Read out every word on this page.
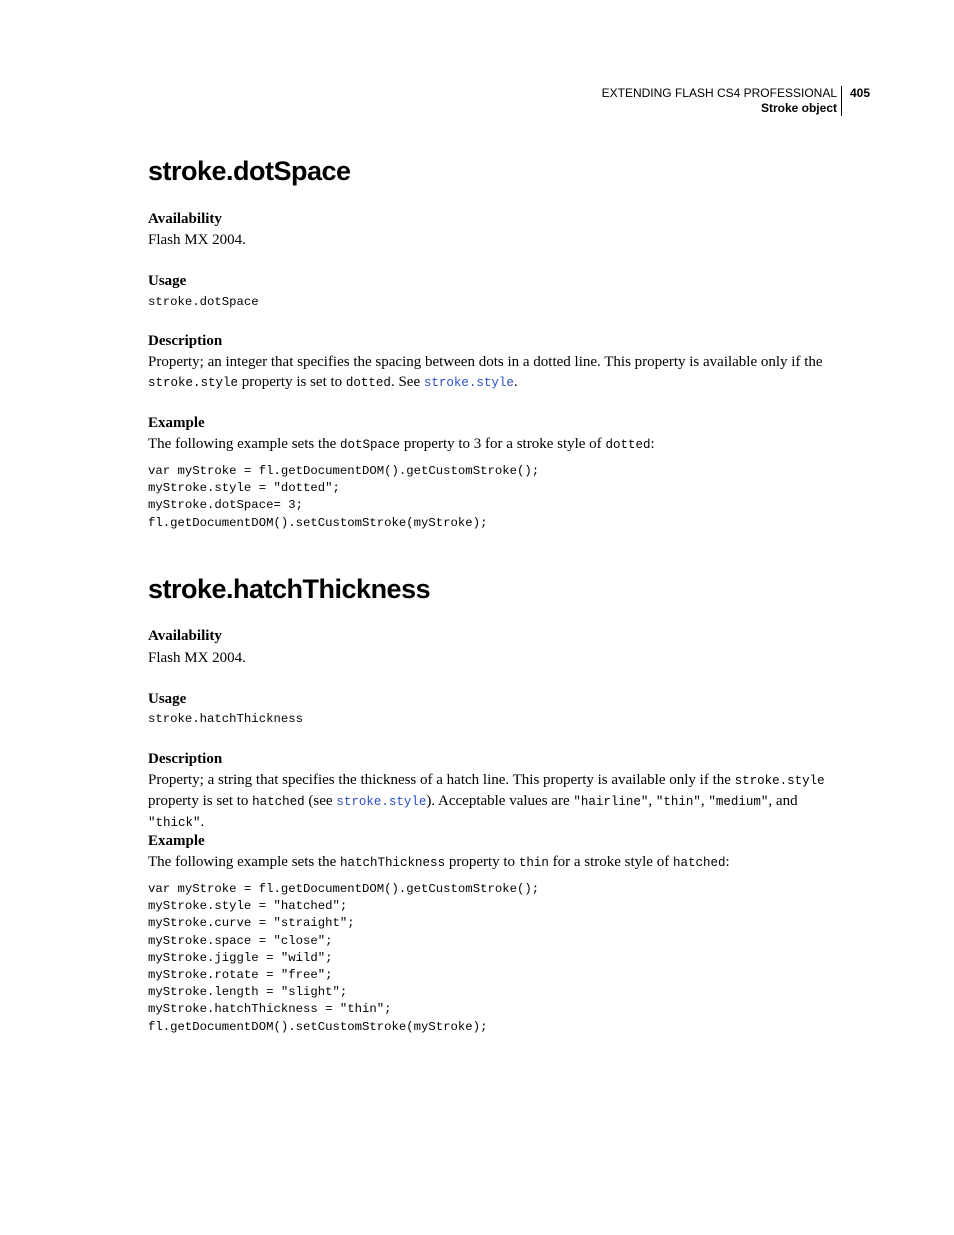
EXTENDING FLASH CS4 PROFESSIONAL
Stroke object
405
stroke.dotSpace
Availability

Flash MX 2004.

Usage
stroke.dotSpace
Description

Property; an integer that specifies the spacing between dots in a dotted line. This property is available only if the
stroke.style property is set to dotted. See stroke.style.

Example

The following example sets the dotSpace property to 3 for a stroke style of dotted:

var myStroke = fl.getDocumentDOM().getCustomStroke();
myStroke.style = "dotted";
myStroke.dotSpace= 3;
fl.getDocumentDOM().setCustomStroke(myStroke);
stroke.hatchThickness
Availability

Flash MX 2004.

Usage
stroke.hatchThickness
Description

Property; a string that specifies the thickness of a hatch line. This property is available only if the stroke.style
property is set to hatched (see stroke.style). Acceptable values are "hairline", "thin", "medium", and "thick".

Example

The following example sets the hatchThickness property to thin for a stroke style of hatched:

var myStroke = fl.getDocumentDOM().getCustomStroke();
myStroke.style = "hatched";
myStroke.curve = "straight";
myStroke.space = "close";
myStroke.jiggle = "wild";
myStroke.rotate = "free";
myStroke.length = "slight";
myStroke.hatchThickness = "thin";
fl.getDocumentDOM().setCustomStroke(myStroke);
